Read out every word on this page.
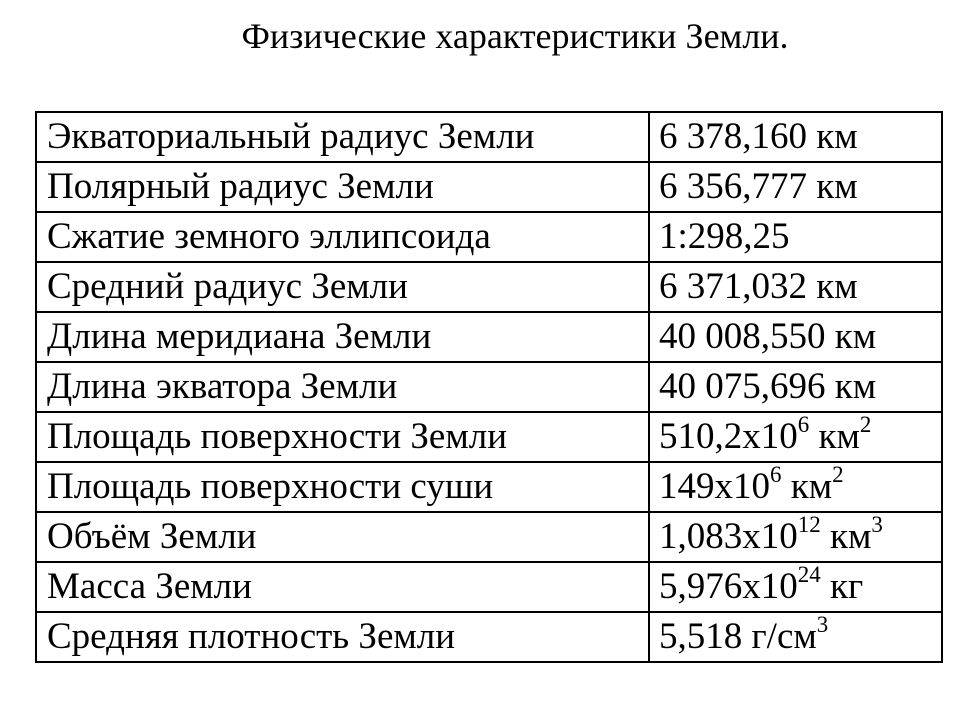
Физические характеристики Земли.
Экваториальный радиус Земли	6 378,160 км
Полярный радиус Земли	6 356,777 км
Сжатие земного эллипсоида	1:298,25
Средний радиус Земли	6 371,032 км
Длина меридиана Земли	40 008,550 км
Длина экватора Земли	40 075,696 км
Площадь поверхности Земли	$510,2x10^6$ $км^2$
Площадь поверхности суши	$149x10^6$ $км^2$
Объём Земли	$1,083x10^{12}$ $км^3$
Масса Земли	$5,976x10^{24}$ кг
Средняя плотность Земли	5,518 $г/см^3$
